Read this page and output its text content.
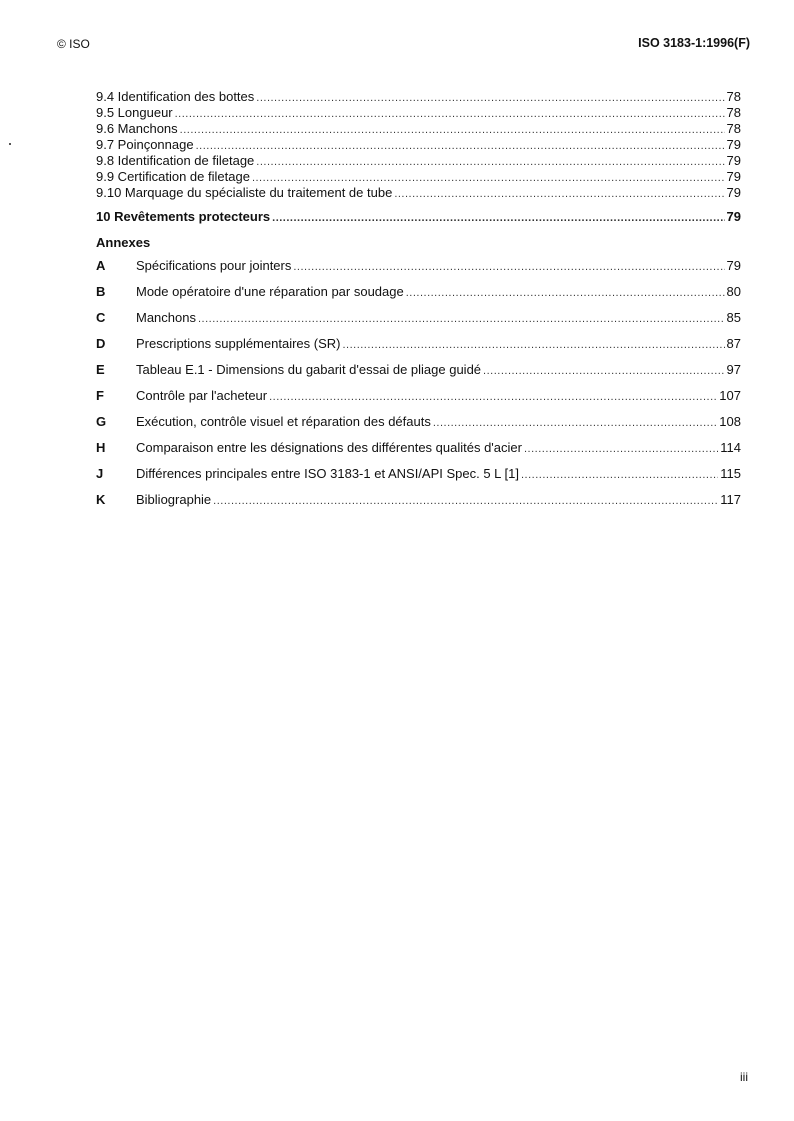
© ISO	ISO 3183-1:1996(F)
9.4 Identification des bottes .....	78
9.5 Longueur .....	78
9.6 Manchons .....	78
9.7 Poinçonnage .....	79
9.8 Identification de filetage .....	79
9.9 Certification de filetage .....	79
9.10 Marquage du spécialiste du traitement de tube .....	79
10 Revêtements protecteurs .....	79
Annexes
A	Spécifications pour jointers .....	79
B	Mode opératoire d'une réparation par soudage .....	80
C	Manchons .....	85
D	Prescriptions supplémentaires (SR) .....	87
E	Tableau E.1 - Dimensions du gabarit d'essai de pliage guidé .....	97
F	Contrôle par l'acheteur .....	107
G	Exécution, contrôle visuel et réparation des défauts .....	108
H	Comparaison entre les désignations des différentes qualités d'acier .....	114
J	Différences principales entre ISO 3183-1 et ANSI/API Spec. 5 L [1] .....	115
K	Bibliographie .....	117
iii
